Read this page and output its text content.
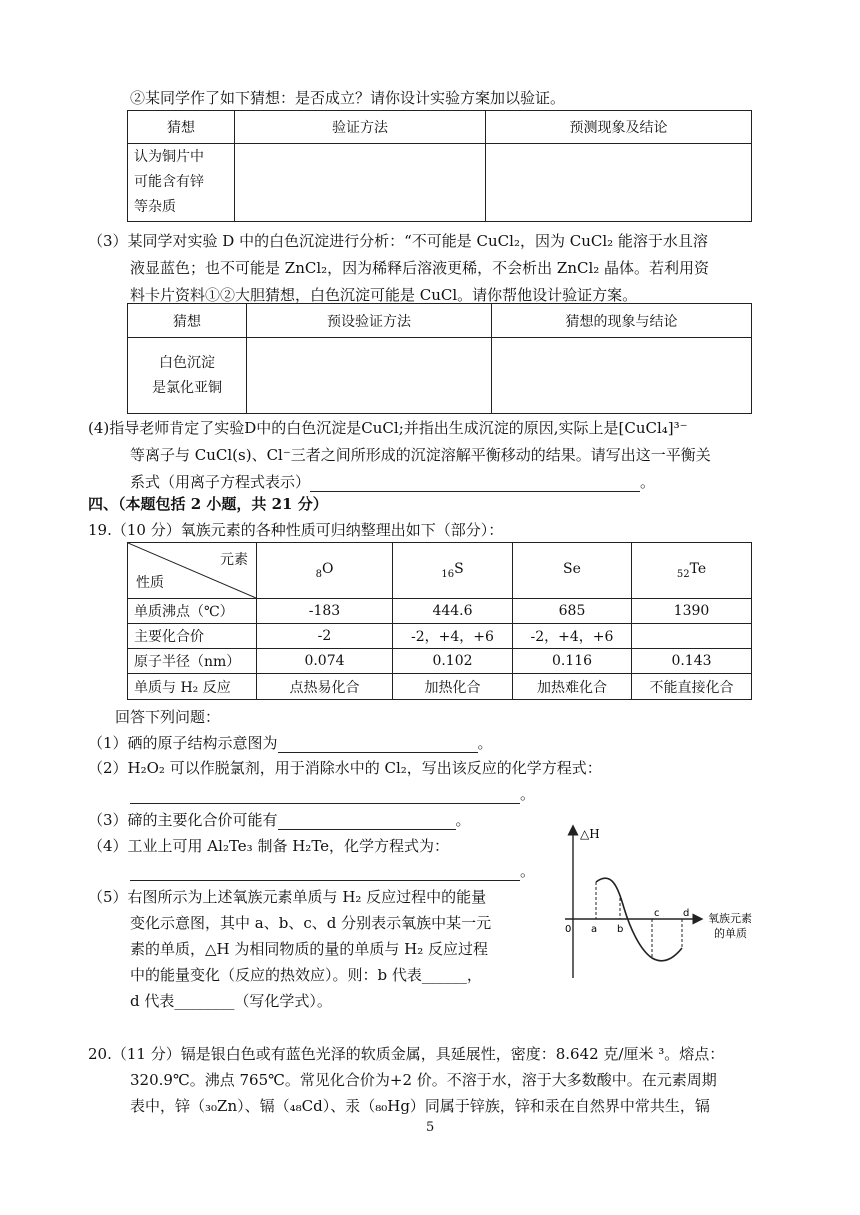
②某同学作了如下猜想：是否成立？请你设计实验方案加以验证。
猜想	验证方法	预测现象及结论

认为铜片中
可能含有锌
等杂质		

（3）某同学对实验 D 中的白色沉淀进行分析：“不可能是 CuCl₂，因为 CuCl₂ 能溶于水且溶
液显蓝色；也不可能是 ZnCl₂，因为稀释后溶液更稀，不会析出 ZnCl₂ 晶体。若利用资
料卡片资料①②大胆猜想，白色沉淀可能是 CuCl。请你帮他设计验证方案。
猜想	预设验证方法	猜想的现象与结论

白色沉淀
是氯化亚铜		

(4)指导老师肯定了实验D中的白色沉淀是CuCl;并指出生成沉淀的原因,实际上是[CuCl₄]³⁻
等离子与 CuCl(s)、Cl⁻三者之间所形成的沉淀溶解平衡移动的结果。请写出这一平衡关
系式（用离子方程式表示）	。
四、（本题包括 2 小题，共 21 分）
19.（10 分）氧族元素的各种性质可归纳整理出如下（部分）：
元素
性质	$_8$O	$_{16}$S	Se	$_{52}$Te
单质沸点（℃）	-183	444.6	685	1390
主要化合价	-2	-2，+4，+6	-2，+4，+6	
原子半径（nm）	0.074	0.102	0.116	0.143
单质与 H₂ 反应	点热易化合	加热化合	加热难化合	不能直接化合
回答下列问题：
（1）硒的原子结构示意图为	。
（2）H₂O₂ 可以作脱氯剂，用于消除水中的 Cl₂，写出该反应的化学方程式：
。
（3）碲的主要化合价可能有	。
（4）工业上可用 Al₂Te₃ 制备 H₂Te，化学方程式为：
。
（5）右图所示为上述氧族元素单质与 H₂ 反应过程中的能量
变化示意图，其中 a、b、c、d 分别表示氧族中某一元
素的单质，△H 为相同物质的量的单质与 H₂ 反应过程
中的能量变化（反应的热效应）。则：b 代表______，
d 代表________（写化学式）。
△H
0 a b
c d 氧族元素
的单质
20.（11 分）镉是银白色或有蓝色光泽的软质金属，具延展性，密度：8.642 克/厘米 ³。熔点：
320.9℃。沸点 765℃。常见化合价为+2 价。不溶于水，溶于大多数酸中。在元素周期
表中，锌（₃₀Zn）、镉（₄₈Cd）、汞（₈₀Hg）同属于锌族，锌和汞在自然界中常共生，镉
5
